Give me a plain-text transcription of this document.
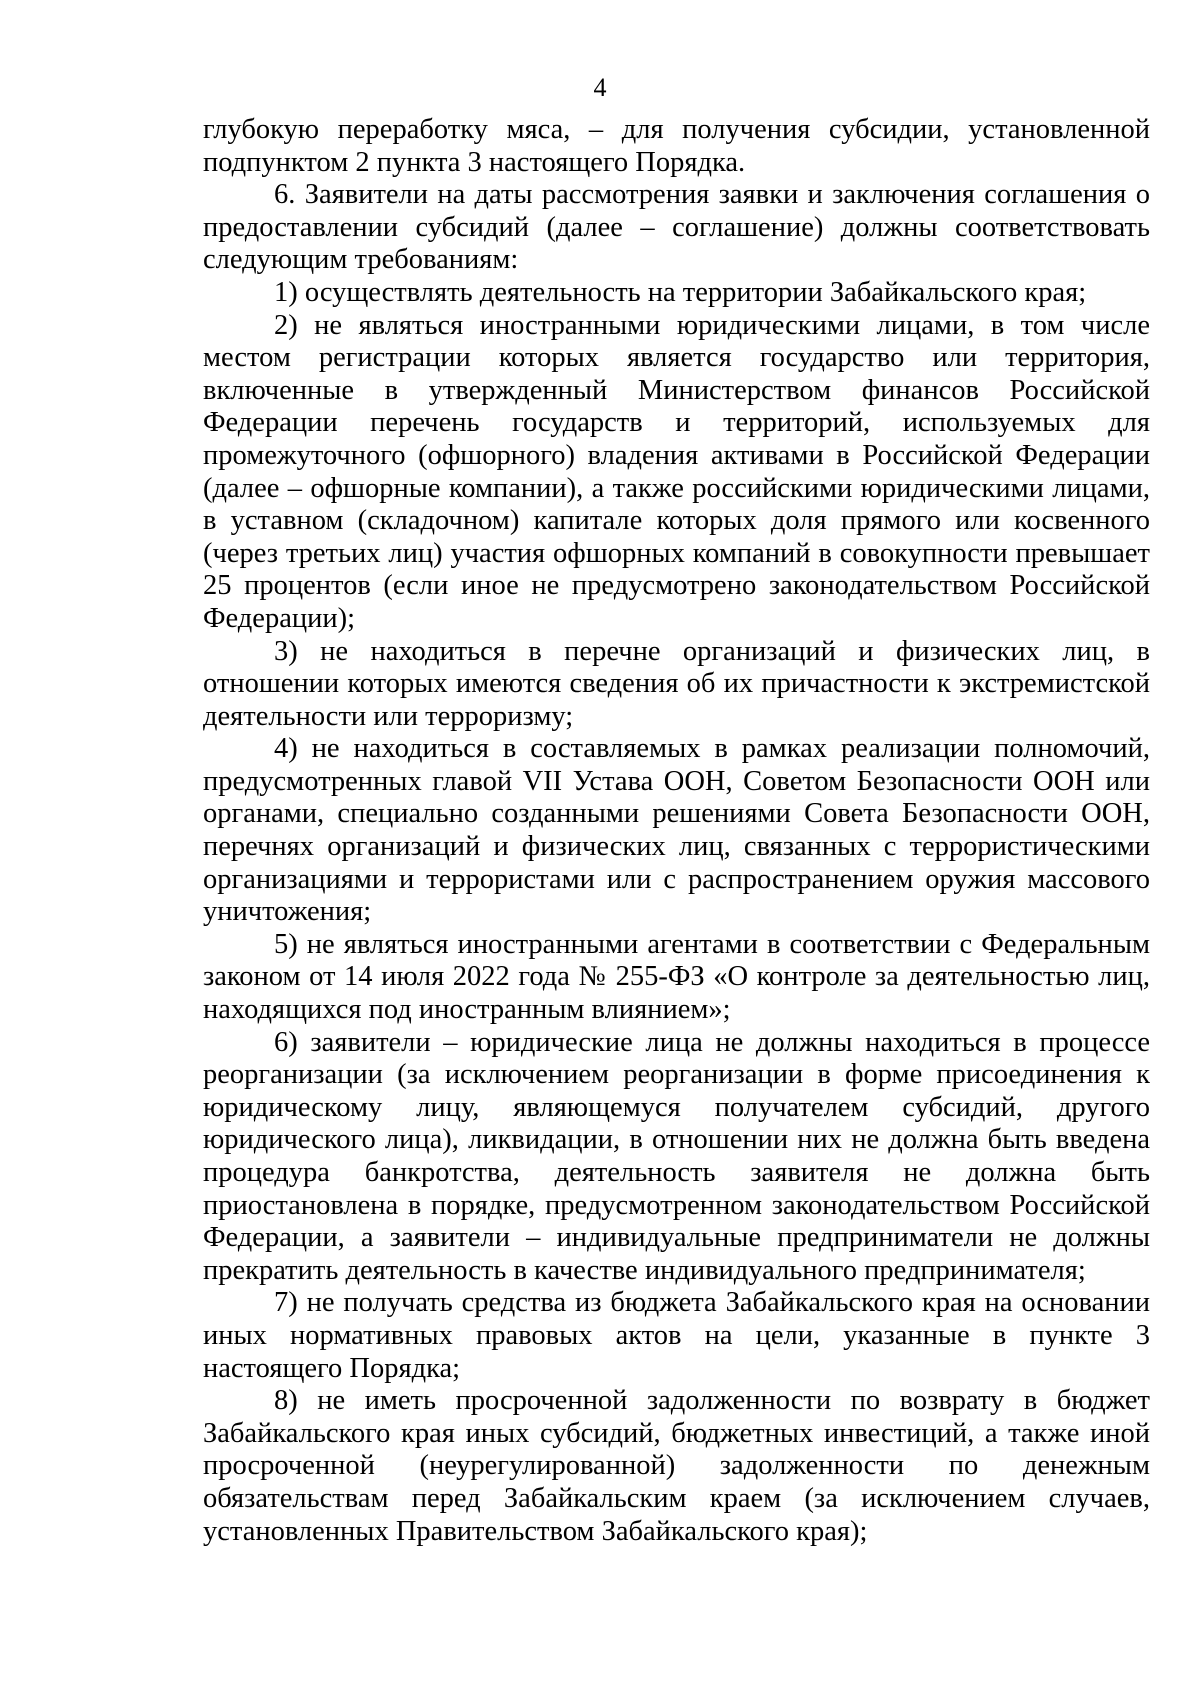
4

глубокую переработку мяса, – для получения субсидии, установленной подпунктом 2 пункта 3 настоящего Порядка.

6. Заявители на даты рассмотрения заявки и заключения соглашения о предоставлении субсидий (далее – соглашение) должны соответствовать следующим требованиям:

1) осуществлять деятельность на территории Забайкальского края;

2) не являться иностранными юридическими лицами, в том числе местом регистрации которых является государство или территория, включенные в утвержденный Министерством финансов Российской Федерации перечень государств и территорий, используемых для промежуточного (офшорного) владения активами в Российской Федерации (далее – офшорные компании), а также российскими юридическими лицами, в уставном (складочном) капитале которых доля прямого или косвенного (через третьих лиц) участия офшорных компаний в совокупности превышает 25 процентов (если иное не предусмотрено законодательством Российской Федерации);

3) не находиться в перечне организаций и физических лиц, в отношении которых имеются сведения об их причастности к экстремистской деятельности или терроризму;

4) не находиться в составляемых в рамках реализации полномочий, предусмотренных главой VII Устава ООН, Советом Безопасности ООН или органами, специально созданными решениями Совета Безопасности ООН, перечнях организаций и физических лиц, связанных с террористическими организациями и террористами или с распространением оружия массового уничтожения;

5) не являться иностранными агентами в соответствии с Федеральным законом от 14 июля 2022 года № 255-ФЗ «О контроле за деятельностью лиц, находящихся под иностранным влиянием»;

6) заявители – юридические лица не должны находиться в процессе реорганизации (за исключением реорганизации в форме присоединения к юридическому лицу, являющемуся получателем субсидий, другого юридического лица), ликвидации, в отношении них не должна быть введена процедура банкротства, деятельность заявителя не должна быть приостановлена в порядке, предусмотренном законодательством Российской Федерации, а заявители – индивидуальные предприниматели не должны прекратить деятельность в качестве индивидуального предпринимателя;

7) не получать средства из бюджета Забайкальского края на основании иных нормативных правовых актов на цели, указанные в пункте 3 настоящего Порядка;

8) не иметь просроченной задолженности по возврату в бюджет Забайкальского края иных субсидий, бюджетных инвестиций, а также иной просроченной (неурегулированной) задолженности по денежным обязательствам перед Забайкальским краем (за исключением случаев, установленных Правительством Забайкальского края);
